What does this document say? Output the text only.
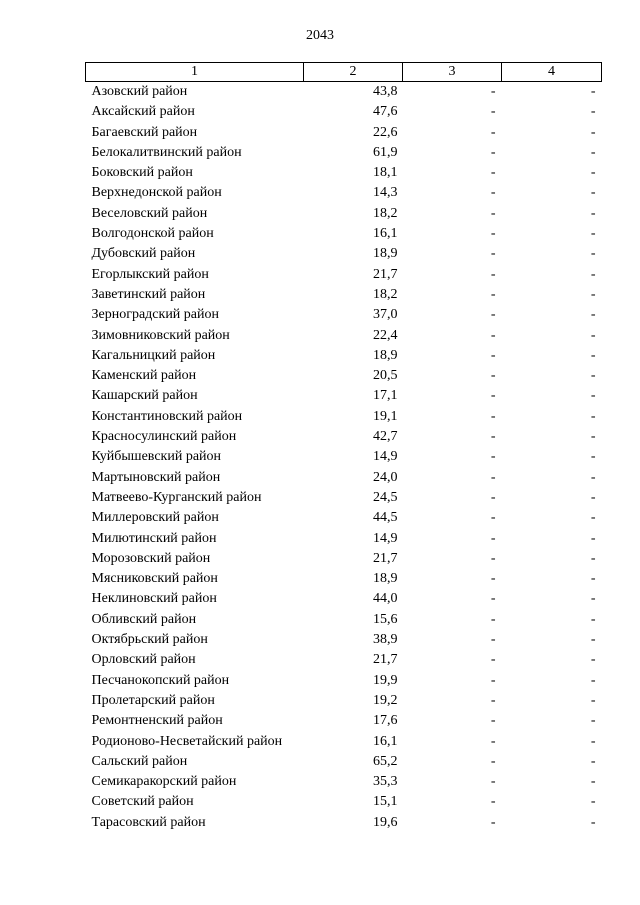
2043
1	2	3	4
Азовский район	43,8	-	-
Аксайский район	47,6	-	-
Багаевский район	22,6	-	-
Белокалитвинский район	61,9	-	-
Боковский район	18,1	-	-
Верхнедонской район	14,3	-	-
Веселовский район	18,2	-	-
Волгодонской район	16,1	-	-
Дубовский район	18,9	-	-
Егорлыкский район	21,7	-	-
Заветинский район	18,2	-	-
Зерноградский район	37,0	-	-
Зимовниковский район	22,4	-	-
Кагальницкий район	18,9	-	-
Каменский район	20,5	-	-
Кашарский район	17,1	-	-
Константиновский район	19,1	-	-
Красносулинский район	42,7	-	-
Куйбышевский район	14,9	-	-
Мартыновский район	24,0	-	-
Матвеево-Курганский район	24,5	-	-
Миллеровский район	44,5	-	-
Милютинский район	14,9	-	-
Морозовский район	21,7	-	-
Мясниковский район	18,9	-	-
Неклиновский район	44,0	-	-
Обливский район	15,6	-	-
Октябрьский район	38,9	-	-
Орловский район	21,7	-	-
Песчанокопский район	19,9	-	-
Пролетарский район	19,2	-	-
Ремонтненский район	17,6	-	-
Родионово-Несветайский район	16,1	-	-
Сальский район	65,2	-	-
Семикаракорский район	35,3	-	-
Советский район	15,1	-	-
Тарасовский район	19,6	-	-
